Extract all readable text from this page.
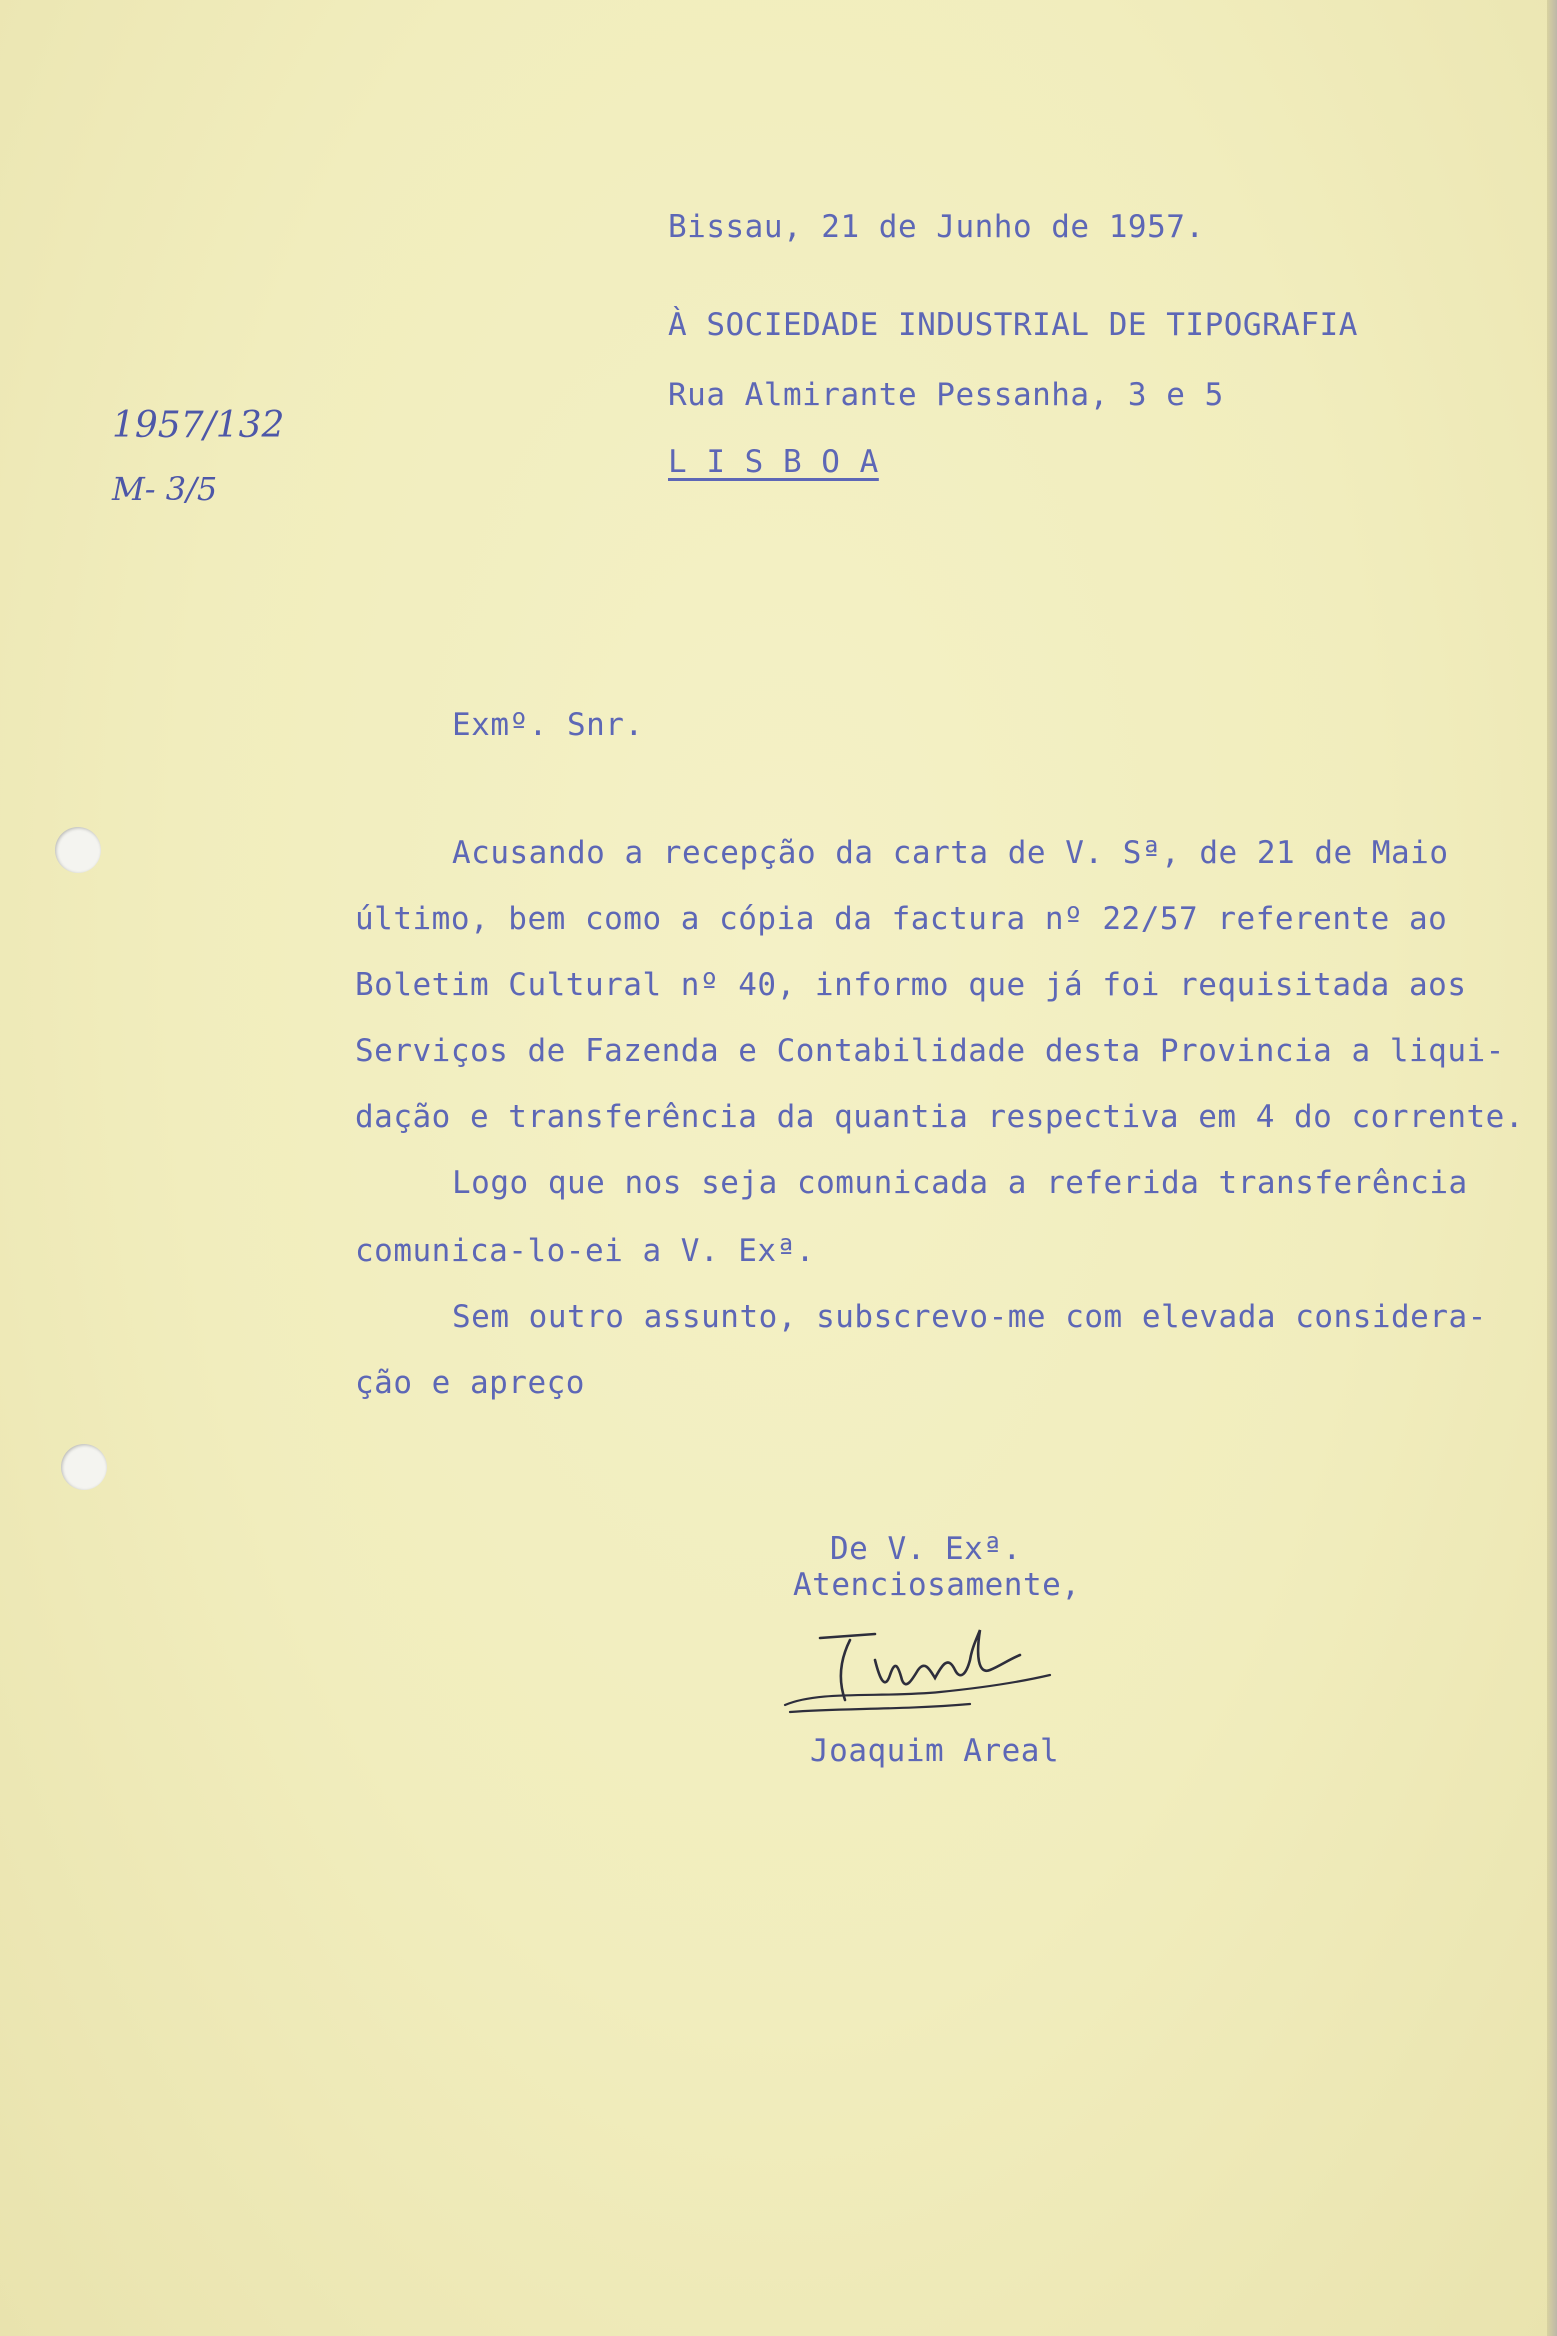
Bissau, 21 de Junho de 1957.
À SOCIEDADE INDUSTRIAL DE TIPOGRAFIA
Rua Almirante Pessanha, 3 e 5
L I S B O A
1957/132
M- 3/5
Exmº. Snr.
Acusando a recepção da carta de V. Sª, de 21 de Maio
último, bem como a cópia da factura nº 22/57 referente ao
Boletim Cultural nº 40, informo que já foi requisitada aos
Serviços de Fazenda e Contabilidade desta Provincia a liqui-
dação e transferência da quantia respectiva em 4 do corrente.
Logo que nos seja comunicada a referida transferência
comunica-lo-ei a V. Exª.
Sem outro assunto, subscrevo-me com elevada considera-
ção e apreço
De V. Exª.
Atenciosamente,
Joaquim Areal
